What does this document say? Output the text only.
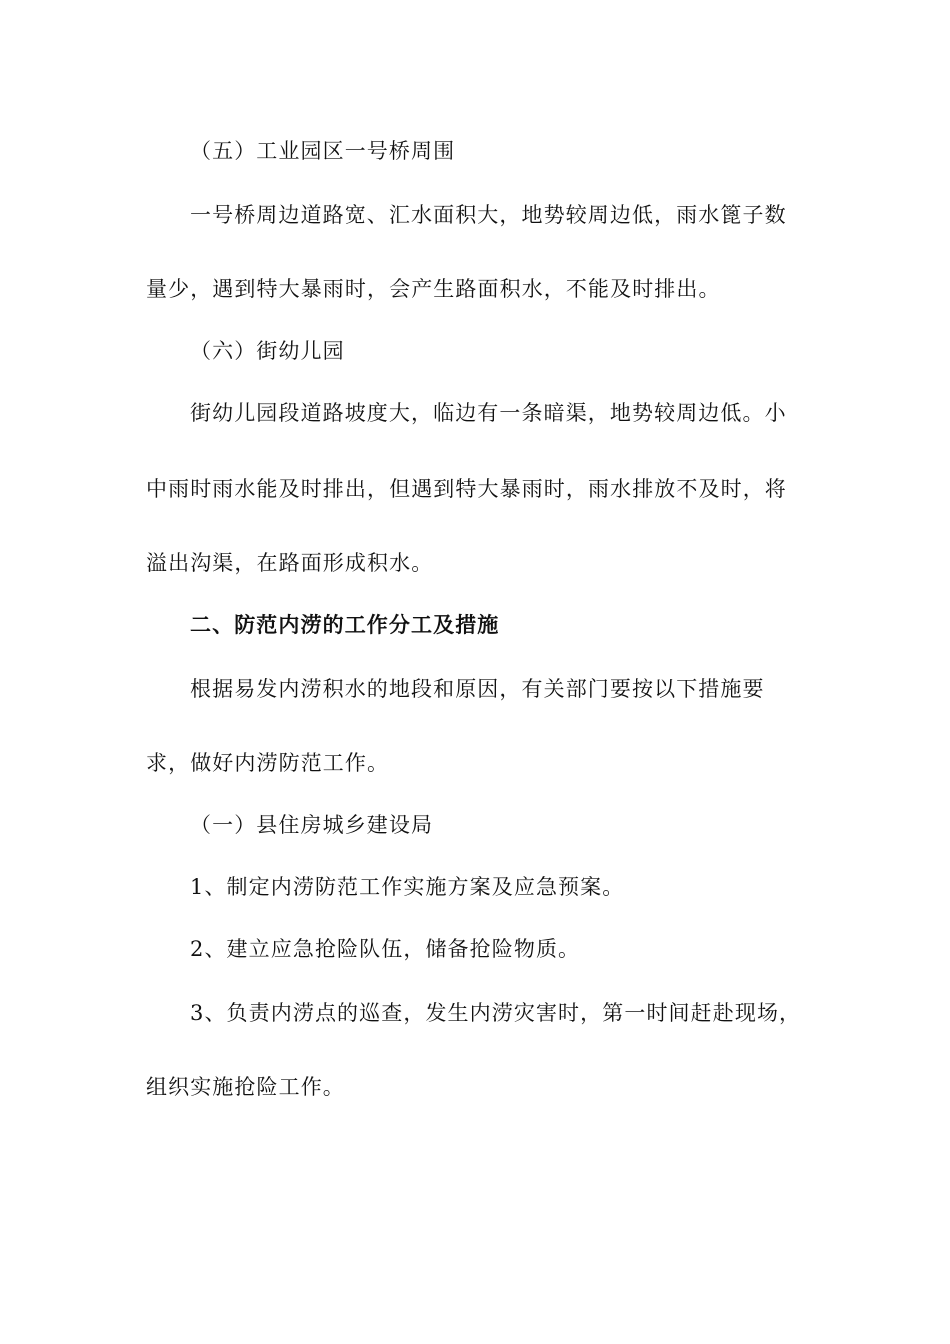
（五）工业园区一号桥周围
一号桥周边道路宽、汇水面积大，地势较周边低，雨水篦子数
量少，遇到特大暴雨时，会产生路面积水，不能及时排出。
（六）街幼儿园
街幼儿园段道路坡度大，临边有一条暗渠，地势较周边低。小
中雨时雨水能及时排出，但遇到特大暴雨时，雨水排放不及时，将
溢出沟渠，在路面形成积水。
二、防范内涝的工作分工及措施
根据易发内涝积水的地段和原因，有关部门要按以下措施要
求，做好内涝防范工作。
（一）县住房城乡建设局
1、制定内涝防范工作实施方案及应急预案。
2、建立应急抢险队伍，储备抢险物质。
3、负责内涝点的巡查，发生内涝灾害时，第一时间赶赴现场，
组织实施抢险工作。
